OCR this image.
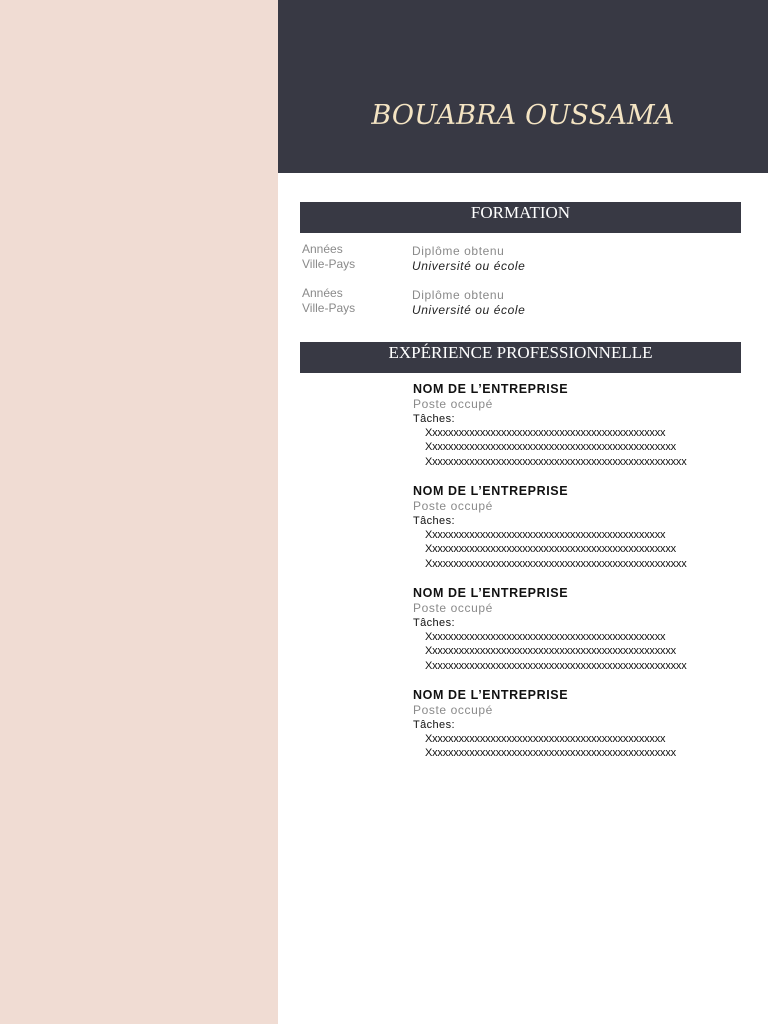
BOUABRA OUSSAMA
FORMATION
Années
Ville-Pays
Diplôme obtenu
Université ou école
Années
Ville-Pays
Diplôme obtenu
Université ou école
EXPÉRIENCE PROFESSIONNELLE
NOM DE L’ENTREPRISE
Poste occupé
Tâches:
Xxxxxxxxxxxxxxxxxxxxxxxxxxxxxxxxxxxxxxxxxxxxx
Xxxxxxxxxxxxxxxxxxxxxxxxxxxxxxxxxxxxxxxxxxxxxxx
Xxxxxxxxxxxxxxxxxxxxxxxxxxxxxxxxxxxxxxxxxxxxxxxxx
NOM DE L’ENTREPRISE
Poste occupé
Tâches:
Xxxxxxxxxxxxxxxxxxxxxxxxxxxxxxxxxxxxxxxxxxxxx
Xxxxxxxxxxxxxxxxxxxxxxxxxxxxxxxxxxxxxxxxxxxxxxx
Xxxxxxxxxxxxxxxxxxxxxxxxxxxxxxxxxxxxxxxxxxxxxxxxx
NOM DE L’ENTREPRISE
Poste occupé
Tâches:
Xxxxxxxxxxxxxxxxxxxxxxxxxxxxxxxxxxxxxxxxxxxxx
Xxxxxxxxxxxxxxxxxxxxxxxxxxxxxxxxxxxxxxxxxxxxxxx
Xxxxxxxxxxxxxxxxxxxxxxxxxxxxxxxxxxxxxxxxxxxxxxxxx
NOM DE L’ENTREPRISE
Poste occupé
Tâches:
Xxxxxxxxxxxxxxxxxxxxxxxxxxxxxxxxxxxxxxxxxxxxx
Xxxxxxxxxxxxxxxxxxxxxxxxxxxxxxxxxxxxxxxxxxxxxxx
